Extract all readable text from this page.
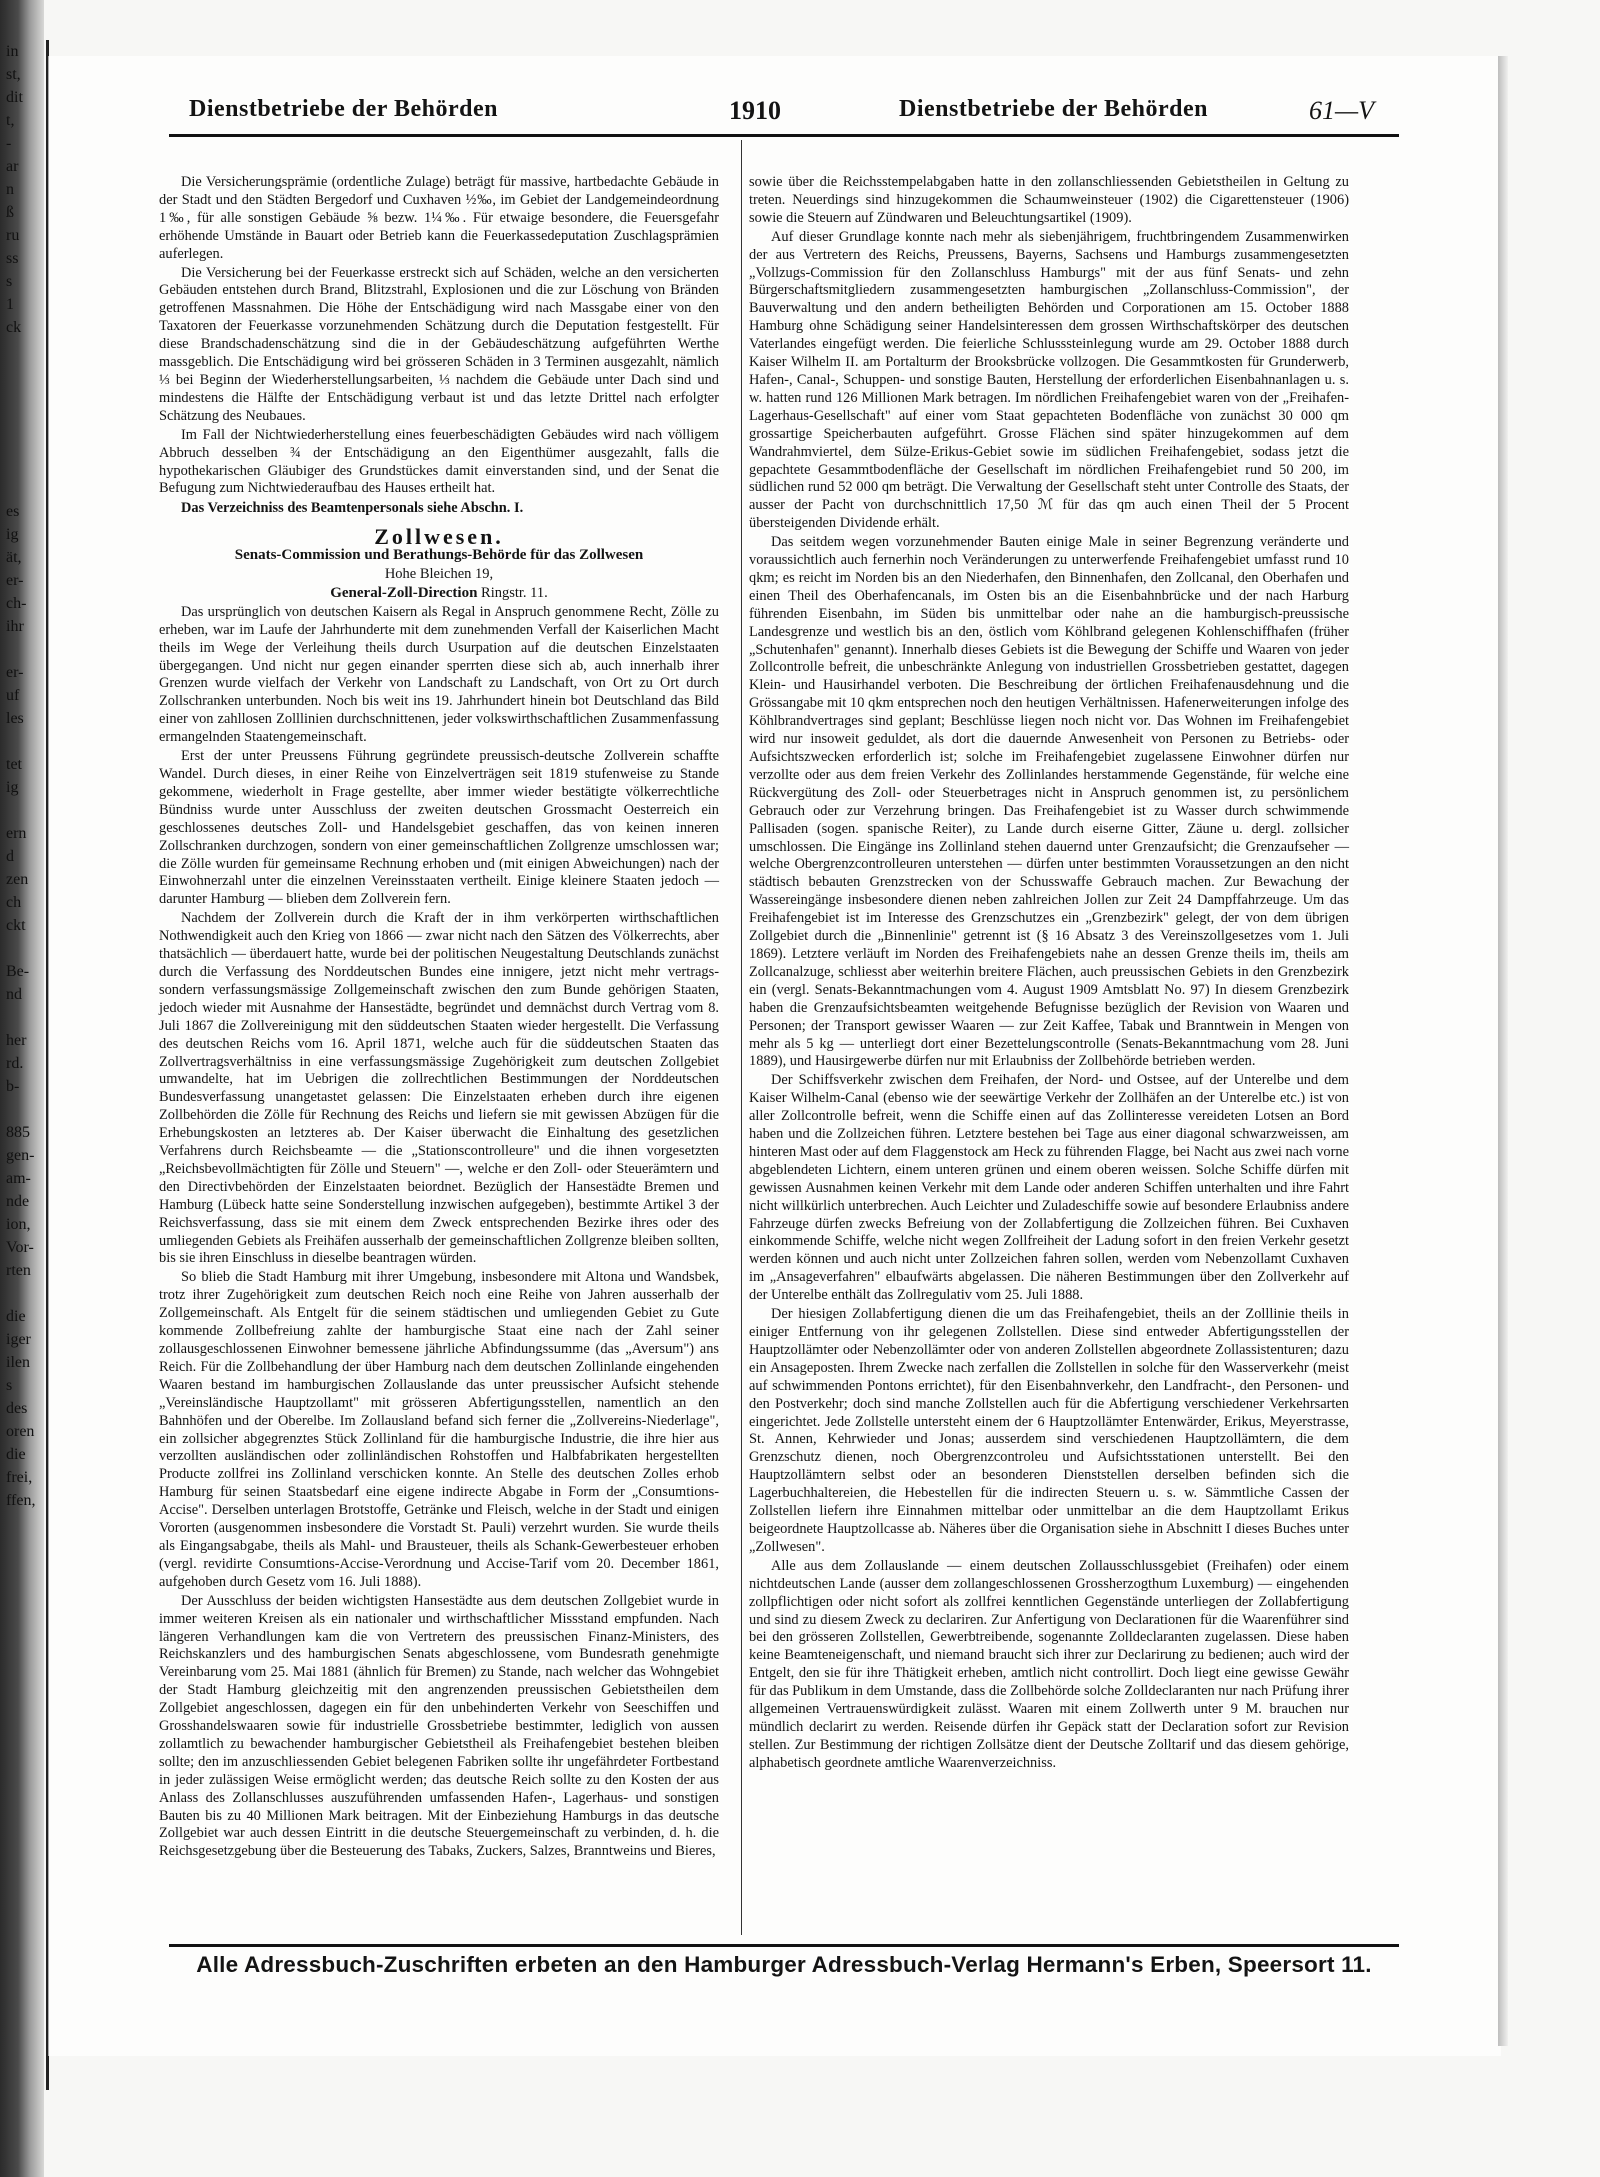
in
st,
dit
t,
-
ar
n
ß
ru
ss
s
1
ck
es
ig
ät,
er-
ch-
ihr
er-
uf
les
tet
ig
ern
d
zen
ch
ckt
Be-
nd
her
rd.
b-
885
gen-
am-
nde
ion,
Vor-
rten
die
iger
ilen
s
des
oren
die
frei,
ffen,
Dienstbetriebe der Behörden	1910	Dienstbetriebe der Behörden	61—V

Die Versicherungsprämie (ordentliche Zulage) beträgt für massive, hartbedachte Gebäude in der Stadt und den Städten Bergedorf und Cuxhaven ½‰, im Gebiet der Landgemeindeordnung 1‰, für alle sonstigen Gebäude ⅝ bezw. 1¼‰. Für etwaige besondere, die Feuersgefahr erhöhende Umstände in Bauart oder Betrieb kann die Feuerkassedeputation Zuschlagsprämien auferlegen.

Die Versicherung bei der Feuerkasse erstreckt sich auf Schäden, welche an den versicherten Gebäuden entstehen durch Brand, Blitzstrahl, Explosionen und die zur Löschung von Bränden getroffenen Massnahmen. Die Höhe der Entschädigung wird nach Massgabe einer von den Taxatoren der Feuerkasse vorzunehmenden Schätzung durch die Deputation festgestellt. Für diese Brandschadenschätzung sind die in der Gebäudeschätzung aufgeführten Werthe massgeblich. Die Entschädigung wird bei grösseren Schäden in 3 Terminen ausgezahlt, nämlich ⅓ bei Beginn der Wiederherstellungsarbeiten, ⅓ nachdem die Gebäude unter Dach sind und mindestens die Hälfte der Entschädigung verbaut ist und das letzte Drittel nach erfolgter Schätzung des Neubaues.

Im Fall der Nichtwiederherstellung eines feuerbeschädigten Gebäudes wird nach völligem Abbruch desselben ¾ der Entschädigung an den Eigenthümer ausgezahlt, falls die hypothekarischen Gläubiger des Grundstückes damit einverstanden sind, und der Senat die Befugung zum Nichtwiederaufbau des Hauses ertheilt hat.

Das Verzeichniss des Beamtenpersonals siehe Abschn. I.

Zollwesen.

Senats-Commission und Berathungs-Behörde für das Zollwesen

Hohe Bleichen 19,

General-Zoll-Direction Ringstr. 11.

Das ursprünglich von deutschen Kaisern als Regal in Anspruch genommene Recht, Zölle zu erheben, war im Laufe der Jahrhunderte mit dem zunehmenden Verfall der Kaiserlichen Macht theils im Wege der Verleihung theils durch Usurpation auf die deutschen Einzelstaaten übergegangen. Und nicht nur gegen einander sperrten diese sich ab, auch innerhalb ihrer Grenzen wurde vielfach der Verkehr von Landschaft zu Landschaft, von Ort zu Ort durch Zollschranken unterbunden. Noch bis weit ins 19. Jahrhundert hinein bot Deutschland das Bild einer von zahllosen Zolllinien durchschnittenen, jeder volkswirthschaftlichen Zusammenfassung ermangelnden Staatengemeinschaft.

Erst der unter Preussens Führung gegründete preussisch-deutsche Zollverein schaffte Wandel. Durch dieses, in einer Reihe von Einzelverträgen seit 1819 stufenweise zu Stande gekommene, wiederholt in Frage gestellte, aber immer wieder bestätigte völkerrechtliche Bündniss wurde unter Ausschluss der zweiten deutschen Grossmacht Oesterreich ein geschlossenes deutsches Zoll- und Handelsgebiet geschaffen, das von keinen inneren Zollschranken durchzogen, sondern von einer gemeinschaftlichen Zollgrenze umschlossen war; die Zölle wurden für gemeinsame Rechnung erhoben und (mit einigen Abweichungen) nach der Einwohnerzahl unter die einzelnen Vereinsstaaten vertheilt. Einige kleinere Staaten jedoch — darunter Hamburg — blieben dem Zollverein fern.

Nachdem der Zollverein durch die Kraft der in ihm verkörperten wirthschaftlichen Nothwendigkeit auch den Krieg von 1866 — zwar nicht nach den Sätzen des Völkerrechts, aber thatsächlich — überdauert hatte, wurde bei der politischen Neugestaltung Deutschlands zunächst durch die Verfassung des Norddeutschen Bundes eine innigere, jetzt nicht mehr vertrags- sondern verfassungsmässige Zollgemeinschaft zwischen den zum Bunde gehörigen Staaten, jedoch wieder mit Ausnahme der Hansestädte, begründet und demnächst durch Vertrag vom 8. Juli 1867 die Zollvereinigung mit den süddeutschen Staaten wieder hergestellt. Die Verfassung des deutschen Reichs vom 16. April 1871, welche auch für die süddeutschen Staaten das Zollvertragsverhältniss in eine verfassungsmässige Zugehörigkeit zum deutschen Zollgebiet umwandelte, hat im Uebrigen die zollrechtlichen Bestimmungen der Norddeutschen Bundesverfassung unangetastet gelassen: Die Einzelstaaten erheben durch ihre eigenen Zollbehörden die Zölle für Rechnung des Reichs und liefern sie mit gewissen Abzügen für die Erhebungskosten an letzteres ab. Der Kaiser überwacht die Einhaltung des gesetzlichen Verfahrens durch Reichsbeamte — die „Stationscontrolleure" und die ihnen vorgesetzten „Reichsbevollmächtigten für Zölle und Steuern" —, welche er den Zoll- oder Steuerämtern und den Directivbehörden der Einzelstaaten beiordnet. Bezüglich der Hansestädte Bremen und Hamburg (Lübeck hatte seine Sonderstellung inzwischen aufgegeben), bestimmte Artikel 3 der Reichsverfassung, dass sie mit einem dem Zweck entsprechenden Bezirke ihres oder des umliegenden Gebiets als Freihäfen ausserhalb der gemeinschaftlichen Zollgrenze bleiben sollten, bis sie ihren Einschluss in dieselbe beantragen würden.

So blieb die Stadt Hamburg mit ihrer Umgebung, insbesondere mit Altona und Wandsbek, trotz ihrer Zugehörigkeit zum deutschen Reich noch eine Reihe von Jahren ausserhalb der Zollgemeinschaft. Als Entgelt für die seinem städtischen und umliegenden Gebiet zu Gute kommende Zollbefreiung zahlte der hamburgische Staat eine nach der Zahl seiner zollausgeschlossenen Einwohner bemessene jährliche Abfindungssumme (das „Aversum") ans Reich. Für die Zollbehandlung der über Hamburg nach dem deutschen Zollinlande eingehenden Waaren bestand im hamburgischen Zollauslande das unter preussischer Aufsicht stehende „Vereinsländische Hauptzollamt" mit grösseren Abfertigungsstellen, namentlich an den Bahnhöfen und der Oberelbe. Im Zollausland befand sich ferner die „Zollvereins-Niederlage", ein zollsicher abgegrenztes Stück Zollinland für die hamburgische Industrie, die ihre hier aus verzollten ausländischen oder zollinländischen Rohstoffen und Halbfabrikaten hergestellten Producte zollfrei ins Zollinland verschicken konnte. An Stelle des deutschen Zolles erhob Hamburg für seinen Staatsbedarf eine eigene indirecte Abgabe in Form der „Consumtions-Accise". Derselben unterlagen Brotstoffe, Getränke und Fleisch, welche in der Stadt und einigen Vororten (ausgenommen insbesondere die Vorstadt St. Pauli) verzehrt wurden. Sie wurde theils als Eingangsabgabe, theils als Mahl- und Brausteuer, theils als Schank-Gewerbesteuer erhoben (vergl. revidirte Consumtions-Accise-Verordnung und Accise-Tarif vom 20. December 1861, aufgehoben durch Gesetz vom 16. Juli 1888).

Der Ausschluss der beiden wichtigsten Hansestädte aus dem deutschen Zollgebiet wurde in immer weiteren Kreisen als ein nationaler und wirthschaftlicher Missstand empfunden. Nach längeren Verhandlungen kam die von Vertretern des preussischen Finanz-Ministers, des Reichskanzlers und des hamburgischen Senats abgeschlossene, vom Bundesrath genehmigte Vereinbarung vom 25. Mai 1881 (ähnlich für Bremen) zu Stande, nach welcher das Wohngebiet der Stadt Hamburg gleichzeitig mit den angrenzenden preussischen Gebietstheilen dem Zollgebiet angeschlossen, dagegen ein für den unbehinderten Verkehr von Seeschiffen und Grosshandelswaaren sowie für industrielle Grossbetriebe bestimmter, lediglich von aussen zollamtlich zu bewachender hamburgischer Gebietstheil als Freihafengebiet bestehen bleiben sollte; den im anzuschliessenden Gebiet belegenen Fabriken sollte ihr ungefährdeter Fortbestand in jeder zulässigen Weise ermöglicht werden; das deutsche Reich sollte zu den Kosten der aus Anlass des Zollanschlusses auszuführenden umfassenden Hafen-, Lagerhaus- und sonstigen Bauten bis zu 40 Millionen Mark beitragen. Mit der Einbeziehung Hamburgs in das deutsche Zollgebiet war auch dessen Eintritt in die deutsche Steuergemeinschaft zu verbinden, d. h. die Reichsgesetzgebung über die Besteuerung des Tabaks, Zuckers, Salzes, Branntweins und Bieres,

sowie über die Reichsstempelabgaben hatte in den zollanschliessenden Gebietstheilen in Geltung zu treten. Neuerdings sind hinzugekommen die Schaumweinsteuer (1902) die Cigarettensteuer (1906) sowie die Steuern auf Zündwaren und Beleuchtungsartikel (1909).

Auf dieser Grundlage konnte nach mehr als siebenjährigem, fruchtbringendem Zusammenwirken der aus Vertretern des Reichs, Preussens, Bayerns, Sachsens und Hamburgs zusammengesetzten „Vollzugs-Commission für den Zollanschluss Hamburgs" mit der aus fünf Senats- und zehn Bürgerschaftsmitgliedern zusammengesetzten hamburgischen „Zollanschluss-Commission", der Bauverwaltung und den andern betheiligten Behörden und Corporationen am 15. October 1888 Hamburg ohne Schädigung seiner Handelsinteressen dem grossen Wirthschaftskörper des deutschen Vaterlandes eingefügt werden. Die feierliche Schlusssteinlegung wurde am 29. October 1888 durch Kaiser Wilhelm II. am Portalturm der Brooksbrücke vollzogen. Die Gesammtkosten für Grunderwerb, Hafen-, Canal-, Schuppen- und sonstige Bauten, Herstellung der erforderlichen Eisenbahnanlagen u. s. w. hatten rund 126 Millionen Mark betragen. Im nördlichen Freihafengebiet waren von der „Freihafen-Lagerhaus-Gesellschaft" auf einer vom Staat gepachteten Bodenfläche von zunächst 30 000 qm grossartige Speicherbauten aufgeführt. Grosse Flächen sind später hinzugekommen auf dem Wandrahmviertel, dem Sülze-Erikus-Gebiet sowie im südlichen Freihafengebiet, sodass jetzt die gepachtete Gesammtbodenfläche der Gesellschaft im nördlichen Freihafengebiet rund 50 200, im südlichen rund 52 000 qm beträgt. Die Verwaltung der Gesellschaft steht unter Controlle des Staats, der ausser der Pacht von durchschnittlich 17,50 ℳ für das qm auch einen Theil der 5 Procent übersteigenden Dividende erhält.

Das seitdem wegen vorzunehmender Bauten einige Male in seiner Begrenzung veränderte und voraussichtlich auch fernerhin noch Veränderungen zu unterwerfende Freihafengebiet umfasst rund 10 qkm; es reicht im Norden bis an den Niederhafen, den Binnenhafen, den Zollcanal, den Oberhafen und einen Theil des Oberhafencanals, im Osten bis an die Eisenbahnbrücke und der nach Harburg führenden Eisenbahn, im Süden bis unmittelbar oder nahe an die hamburgisch-preussische Landesgrenze und westlich bis an den, östlich vom Köhlbrand gelegenen Kohlenschiffhafen (früher „Schutenhafen" genannt). Innerhalb dieses Gebiets ist die Bewegung der Schiffe und Waaren von jeder Zollcontrolle befreit, die unbeschränkte Anlegung von industriellen Grossbetrieben gestattet, dagegen Klein- und Hausirhandel verboten. Die Beschreibung der örtlichen Freihafenausdehnung und die Grössangabe mit 10 qkm entsprechen noch den heutigen Verhältnissen. Hafenerweiterungen infolge des Köhlbrandvertrages sind geplant; Beschlüsse liegen noch nicht vor. Das Wohnen im Freihafengebiet wird nur insoweit geduldet, als dort die dauernde Anwesenheit von Personen zu Betriebs- oder Aufsichtszwecken erforderlich ist; solche im Freihafengebiet zugelassene Einwohner dürfen nur verzollte oder aus dem freien Verkehr des Zollinlandes herstammende Gegenstände, für welche eine Rückvergütung des Zoll- oder Steuerbetrages nicht in Anspruch genommen ist, zu persönlichem Gebrauch oder zur Verzehrung bringen. Das Freihafengebiet ist zu Wasser durch schwimmende Pallisaden (sogen. spanische Reiter), zu Lande durch eiserne Gitter, Zäune u. dergl. zollsicher umschlossen. Die Eingänge ins Zollinland stehen dauernd unter Grenzaufsicht; die Grenzaufseher — welche Obergrenzcontrolleuren unterstehen — dürfen unter bestimmten Voraussetzungen an den nicht städtisch bebauten Grenzstrecken von der Schusswaffe Gebrauch machen. Zur Bewachung der Wassereingänge insbesondere dienen neben zahlreichen Jollen zur Zeit 24 Dampffahrzeuge. Um das Freihafengebiet ist im Interesse des Grenzschutzes ein „Grenzbezirk" gelegt, der von dem übrigen Zollgebiet durch die „Binnenlinie" getrennt ist (§ 16 Absatz 3 des Vereinszollgesetzes vom 1. Juli 1869). Letztere verläuft im Norden des Freihafengebiets nahe an dessen Grenze theils im, theils am Zollcanalzuge, schliesst aber weiterhin breitere Flächen, auch preussischen Gebiets in den Grenzbezirk ein (vergl. Senats-Bekanntmachungen vom 4. August 1909 Amtsblatt No. 97) In diesem Grenzbezirk haben die Grenzaufsichtsbeamten weitgehende Befugnisse bezüglich der Revision von Waaren und Personen; der Transport gewisser Waaren — zur Zeit Kaffee, Tabak und Branntwein in Mengen von mehr als 5 kg — unterliegt dort einer Bezettelungscontrolle (Senats-Bekanntmachung vom 28. Juni 1889), und Hausirgewerbe dürfen nur mit Erlaubniss der Zollbehörde betrieben werden.

Der Schiffsverkehr zwischen dem Freihafen, der Nord- und Ostsee, auf der Unterelbe und dem Kaiser Wilhelm-Canal (ebenso wie der seewärtige Verkehr der Zollhäfen an der Unterelbe etc.) ist von aller Zollcontrolle befreit, wenn die Schiffe einen auf das Zollinteresse vereideten Lotsen an Bord haben und die Zollzeichen führen. Letztere bestehen bei Tage aus einer diagonal schwarzweissen, am hinteren Mast oder auf dem Flaggenstock am Heck zu führenden Flagge, bei Nacht aus zwei nach vorne abgeblendeten Lichtern, einem unteren grünen und einem oberen weissen. Solche Schiffe dürfen mit gewissen Ausnahmen keinen Verkehr mit dem Lande oder anderen Schiffen unterhalten und ihre Fahrt nicht willkürlich unterbrechen. Auch Leichter und Zuladeschiffe sowie auf besondere Erlaubniss andere Fahrzeuge dürfen zwecks Befreiung von der Zollabfertigung die Zollzeichen führen. Bei Cuxhaven einkommende Schiffe, welche nicht wegen Zollfreiheit der Ladung sofort in den freien Verkehr gesetzt werden können und auch nicht unter Zollzeichen fahren sollen, werden vom Nebenzollamt Cuxhaven im „Ansageverfahren" elbaufwärts abgelassen. Die näheren Bestimmungen über den Zollverkehr auf der Unterelbe enthält das Zollregulativ vom 25. Juli 1888.

Der hiesigen Zollabfertigung dienen die um das Freihafengebiet, theils an der Zolllinie theils in einiger Entfernung von ihr gelegenen Zollstellen. Diese sind entweder Abfertigungsstellen der Hauptzollämter oder Nebenzollämter oder von anderen Zollstellen abgeordnete Zollassistenturen; dazu ein Ansageposten. Ihrem Zwecke nach zerfallen die Zollstellen in solche für den Wasserverkehr (meist auf schwimmenden Pontons errichtet), für den Eisenbahnverkehr, den Landfracht-, den Personen- und den Postverkehr; doch sind manche Zollstellen auch für die Abfertigung verschiedener Verkehrsarten eingerichtet. Jede Zollstelle untersteht einem der 6 Hauptzollämter Entenwärder, Erikus, Meyerstrasse, St. Annen, Kehrwieder und Jonas; ausserdem sind verschiedenen Hauptzollämtern, die dem Grenzschutz dienen, noch Obergrenzcontroleu und Aufsichtsstationen unterstellt. Bei den Hauptzollämtern selbst oder an besonderen Dienststellen derselben befinden sich die Lagerbuchhaltereien, die Hebestellen für die indirecten Steuern u. s. w. Sämmtliche Cassen der Zollstellen liefern ihre Einnahmen mittelbar oder unmittelbar an die dem Hauptzollamt Erikus beigeordnete Hauptzollcasse ab. Näheres über die Organisation siehe in Abschnitt I dieses Buches unter „Zollwesen".

Alle aus dem Zollauslande — einem deutschen Zollausschlussgebiet (Freihafen) oder einem nichtdeutschen Lande (ausser dem zollangeschlossenen Grossherzogthum Luxemburg) — eingehenden zollpflichtigen oder nicht sofort als zollfrei kenntlichen Gegenstände unterliegen der Zollabfertigung und sind zu diesem Zweck zu declariren. Zur Anfertigung von Declarationen für die Waarenführer sind bei den grösseren Zollstellen, Gewerbtreibende, sogenannte Zolldeclaranten zugelassen. Diese haben keine Beamteneigenschaft, und niemand braucht sich ihrer zur Declarirung zu bedienen; auch wird der Entgelt, den sie für ihre Thätigkeit erheben, amtlich nicht controllirt. Doch liegt eine gewisse Gewähr für das Publikum in dem Umstande, dass die Zollbehörde solche Zolldeclaranten nur nach Prüfung ihrer allgemeinen Vertrauenswürdigkeit zulässt. Waaren mit einem Zollwerth unter 9 M. brauchen nur mündlich declarirt zu werden. Reisende dürfen ihr Gepäck statt der Declaration sofort zur Revision stellen. Zur Bestimmung der richtigen Zollsätze dient der Deutsche Zolltarif und das diesem gehörige, alphabetisch geordnete amtliche Waarenverzeichniss.

Alle Adressbuch-Zuschriften erbeten an den Hamburger Adressbuch-Verlag Hermann's Erben, Speersort 11.
